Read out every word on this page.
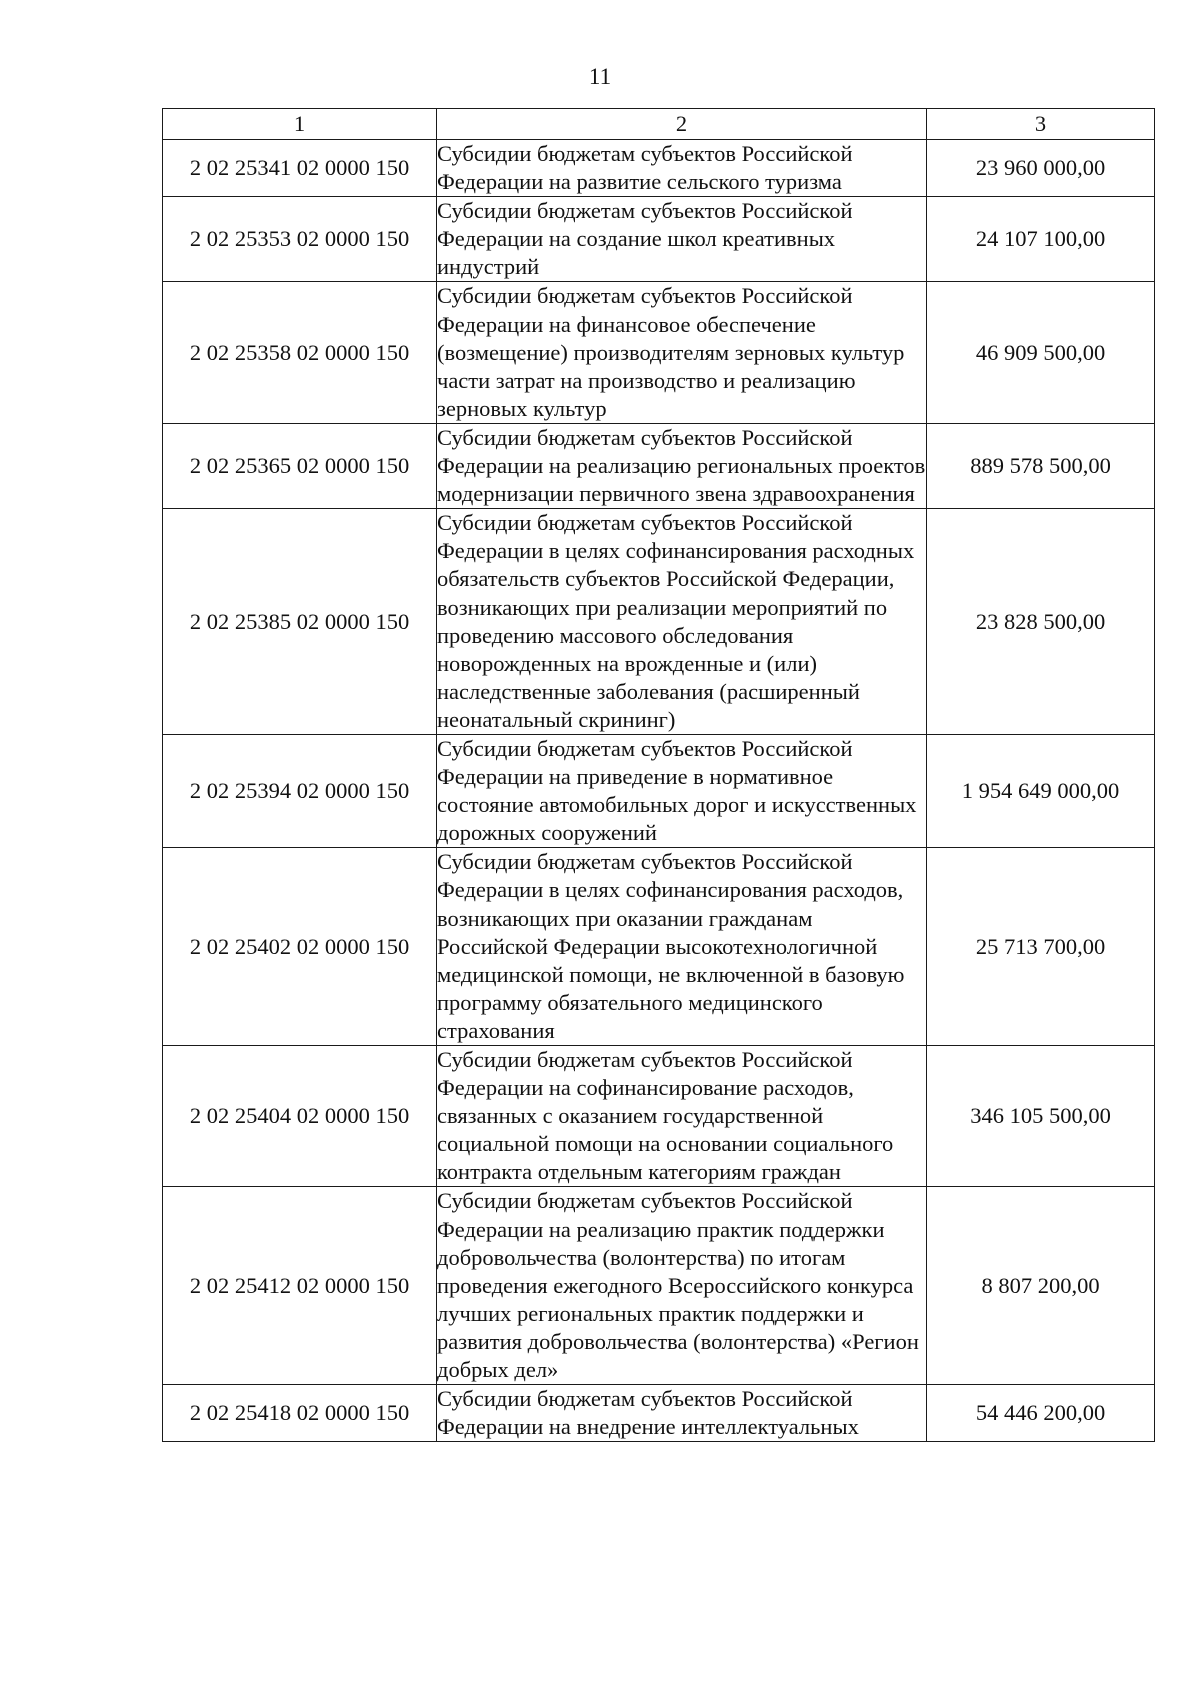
11
1	2	3
2 02 25341 02 0000 150	Субсидии бюджетам субъектов Российской Федерации на развитие сельского туризма	23 960 000,00
2 02 25353 02 0000 150	Субсидии бюджетам субъектов Российской Федерации на создание школ креативных индустрий	24 107 100,00
2 02 25358 02 0000 150	Субсидии бюджетам субъектов Российской Федерации на финансовое обеспечение (возмещение) производителям зерновых культур части затрат на производство и реализацию зерновых культур	46 909 500,00
2 02 25365 02 0000 150	Субсидии бюджетам субъектов Российской Федерации на реализацию региональных проектов модернизации первичного звена здравоохранения	889 578 500,00
2 02 25385 02 0000 150	Субсидии бюджетам субъектов Российской Федерации в целях софинансирования расходных обязательств субъектов Российской Федерации, возникающих при реализации мероприятий по проведению массового обследования новорожденных на врожденные и (или) наследственные заболевания (расширенный неонатальный скрининг)	23 828 500,00
2 02 25394 02 0000 150	Субсидии бюджетам субъектов Российской Федерации на приведение в нормативное состояние автомобильных дорог и искусственных дорожных сооружений	1 954 649 000,00
2 02 25402 02 0000 150	Субсидии бюджетам субъектов Российской Федерации в целях софинансирования расходов, возникающих при оказании гражданам Российской Федерации высокотехнологичной медицинской помощи, не включенной в базовую программу обязательного медицинского страхования	25 713 700,00
2 02 25404 02 0000 150	Субсидии бюджетам субъектов Российской Федерации на софинансирование расходов, связанных с оказанием государственной социальной помощи на основании социального контракта отдельным категориям граждан	346 105 500,00
2 02 25412 02 0000 150	Субсидии бюджетам субъектов Российской Федерации на реализацию практик поддержки добровольчества (волонтерства) по итогам проведения ежегодного Всероссийского конкурса лучших региональных практик поддержки и развития добровольчества (волонтерства) «Регион добрых дел»	8 807 200,00
2 02 25418 02 0000 150	Субсидии бюджетам субъектов Российской Федерации на внедрение интеллектуальных	54 446 200,00
